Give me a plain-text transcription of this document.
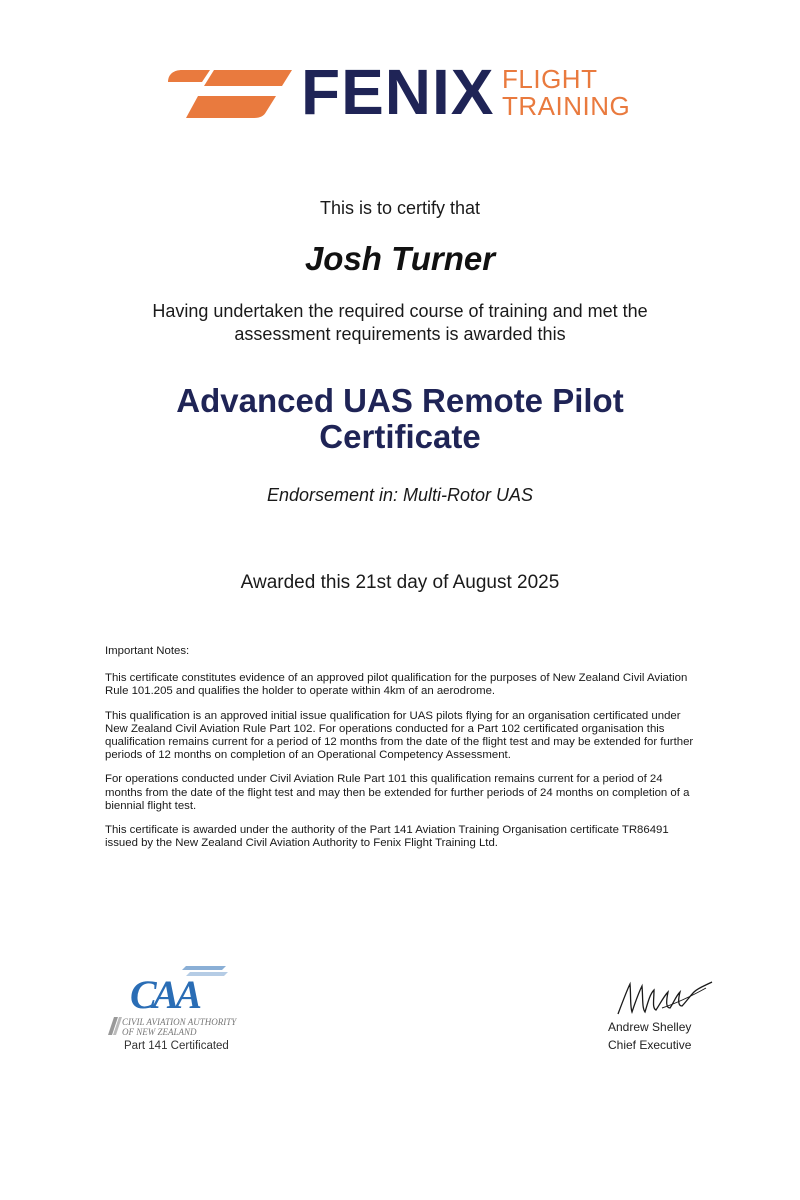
FENIX FLIGHT
TRAINING
This is to certify that
Josh Turner
Having undertaken the required course of training and met the
assessment requirements is awarded this
Advanced UAS Remote Pilot
Certificate
Endorsement in: Multi-Rotor UAS
Awarded this 21st day of August 2025

Important Notes:

This certificate constitutes evidence of an approved pilot qualification for the purposes of New Zealand Civil Aviation Rule 101.205 and qualifies the holder to operate within 4km of an aerodrome.

This qualification is an approved initial issue qualification for UAS pilots flying for an organisation certificated under New Zealand Civil Aviation Rule Part 102. For operations conducted for a Part 102 certificated organisation this qualification remains current for a period of 12 months from the date of the flight test and may be extended for further periods of 12 months on completion of an Operational Competency Assessment.

For operations conducted under Civil Aviation Rule Part 101 this qualification remains current for a period of 24 months from the date of the flight test and may then be extended for further periods of 24 months on completion of a biennial flight test.

This certificate is awarded under the authority of the Part 141 Aviation Training Organisation certificate TR86491 issued by the New Zealand Civil Aviation Authority to Fenix Flight Training Ltd.

CAA
CIVIL AVIATION AUTHORITY
OF NEW ZEALAND
Part 141 Certificated
Andrew Shelley
Chief Executive
